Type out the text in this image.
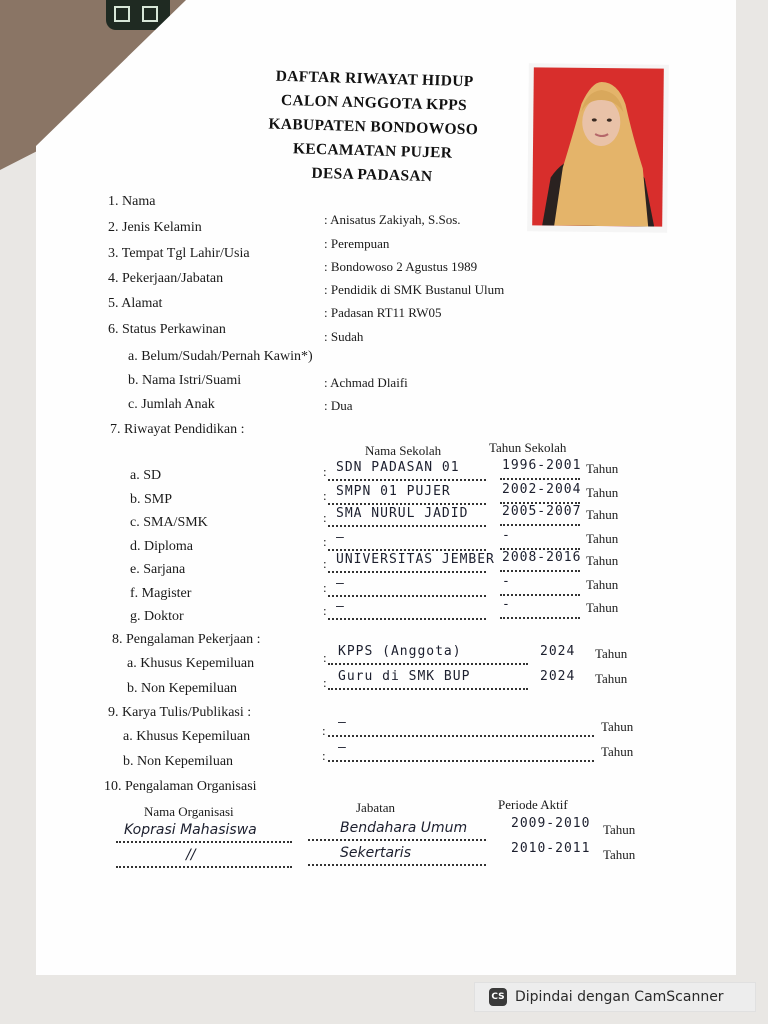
DAFTAR RIWAYAT HIDUP
CALON ANGGOTA KPPS
KABUPATEN BONDOWOSO
KECAMATAN PUJER
DESA PADASAN
1. Nama
: Anisatus Zakiyah, S.Sos.
2. Jenis Kelamin
: Perempuan
3. Tempat Tgl Lahir/Usia
: Bondowoso 2 Agustus 1989
4. Pekerjaan/Jabatan
: Pendidik di SMK Bustanul Ulum
5. Alamat
: Padasan RT11 RW05
6. Status Perkawinan	: Sudah
a. Belum/Sudah/Pernah Kawin*)
b. Nama Istri/Suami	: Achmad Dlaifi
c. Jumlah Anak	: Dua
7. Riwayat Pendidikan :
Nama Sekolah	Tahun Sekolah
a. SD	: SDN PADASAN 01	1996-2001 Tahun
b. SMP	: SMPN 01 PUJER	2002-2004 Tahun
c. SMA/SMK	: SMA NURUL JADID	2005-2007 Tahun
d. Diploma	: —	-	Tahun
e. Sarjana	: UNIVERSITAS JEMBER 2008-2016 Tahun
f. Magister	: —	-	Tahun
g. Doktor	: —	-	Tahun
8. Pengalaman Pekerjaan :
a. Khusus Kepemiluan	: KPPS (Anggota)	2024 Tahun
b. Non Kepemiluan	: Guru di SMK BUP	2024 Tahun
9. Karya Tulis/Publikasi :
a. Khusus Kepemiluan	:
—	Tahun
b. Non Kepemiluan	:
—	Tahun
10. Pengalaman Organisasi
Nama Organisasi	Jabatan	Periode Aktif
Koprasi Mahasiswa	Bendahara Umum	2009-2010 Tahun
//	Sekertaris	2010-2011 Tahun
CS Dipindai dengan CamScanner
